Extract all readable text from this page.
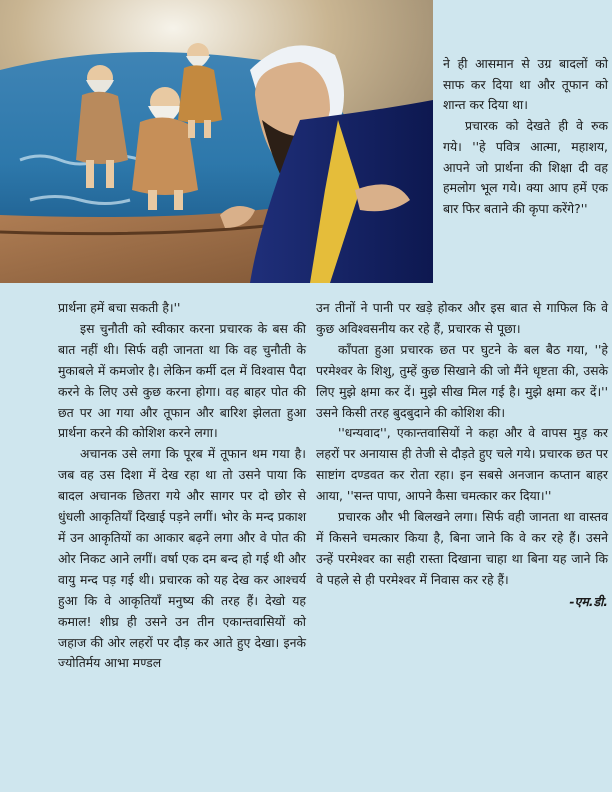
ने ही आसमान से उग्र बादलों को साफ कर दिया था और तूफान को शान्त कर दिया था।

प्रचारक को देखते ही वे रुक गये। ''हे पवित्र आत्मा, महाशय, आपने जो प्रार्थना की शिक्षा दी वह हमलोग भूल गये। क्या आप हमें एक बार फिर बताने की कृपा करेंगे?''

प्रार्थना हमें बचा सकती है।''

इस चुनौती को स्वीकार करना प्रचारक के बस की बात नहीं थी। सिर्फ वही जानता था कि वह चुनौती के मुकाबले में कमजोर है। लेकिन कर्मी दल में विश्वास पैदा करने के लिए उसे कुछ करना होगा। वह बाहर पोत की छत पर आ गया और तूफान और बारिश झेलता हुआ प्रार्थना करने की कोशिश करने लगा।

अचानक उसे लगा कि पूरब में तूफान थम गया है। जब वह उस दिशा में देख रहा था तो उसने पाया कि बादल अचानक छितरा गये और सागर पर दो छोर से धुंधली आकृतियाँ दिखाई पड़ने लगीं। भोर के मन्द प्रकाश में उन आकृतियों का आकार बढ़ने लगा और वे पोत की ओर निकट आने लगीं। वर्षा एक दम बन्द हो गई थी और वायु मन्द पड़ गई थी। प्रचारक को यह देख कर आश्चर्य हुआ कि वे आकृतियाँ मनुष्य की तरह हैं। देखो यह कमाल! शीघ्र ही उसने उन तीन एकान्तवासियों को जहाज की ओर लहरों पर दौड़ कर आते हुए देखा। इनके ज्योतिर्मय आभा मण्डल

उन तीनों ने पानी पर खड़े होकर और इस बात से गाफिल कि वे कुछ अविश्वसनीय कर रहे हैं, प्रचारक से पूछा।

काँपता हुआ प्रचारक छत पर घुटने के बल बैठ गया, ''हे परमेश्वर के शिशु, तुम्हें कुछ सिखाने की जो मैंने धृष्टता की, उसके लिए मुझे क्षमा कर दें। मुझे सीख मिल गई है। मुझे क्षमा कर दें।'' उसने किसी तरह बुदबुदाने की कोशिश की।

''धन्यवाद'', एकान्तवासियों ने कहा और वे वापस मुड़ कर लहरों पर अनायास ही तेजी से दौड़ते हुए चले गये। प्रचारक छत पर साष्टांग दण्डवत कर रोता रहा। इन सबसे अनजान कप्तान बाहर आया, ''सन्त पापा, आपने कैसा चमत्कार कर दिया।''

प्रचारक और भी बिलखने लगा। सिर्फ वही जानता था वास्तव में किसने चमत्कार किया है, बिना जाने कि वे कर रहे हैं। उसने उन्हें परमेश्वर का सही रास्ता दिखाना चाहा था बिना यह जाने कि वे पहले से ही परमेश्वर में निवास कर रहे हैं।

-एम.डी.
